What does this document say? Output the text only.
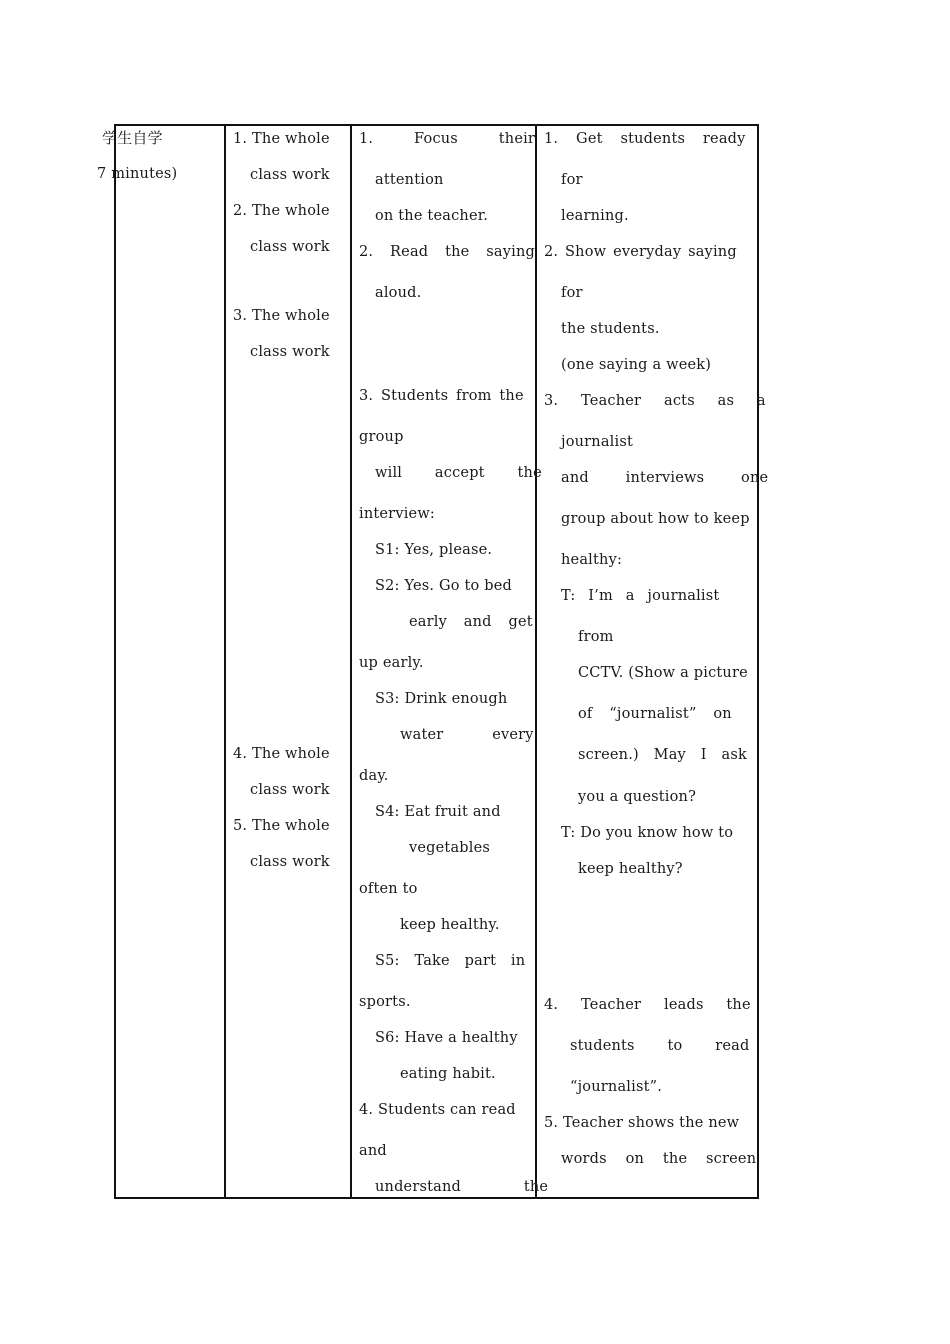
学生自学
7 minutes)
1. The whole
class work
2. The whole
class work
3. The whole
class work
4. The whole
class work
5. The whole
class work
1. Focus their
attention
on the teacher.
2. Read the saying
aloud.
3. Students from the
group
will accept the
interview:
S1: Yes, please.
S2: Yes. Go to bed
early and get
up early.
S3: Drink enough
water every
day.
S4: Eat fruit and
vegetables
often to
keep healthy.
S5: Take part in
sports.
S6: Have a healthy
eating habit.
4. Students can read
and
understand the
1. Get students ready
for
learning.
2. Show everyday saying
for
the students.
(one saying a week)
3. Teacher acts as a
journalist
and interviews one
group about how to keep
healthy:
T: I’m a journalist
from
CCTV. (Show a picture
of “journalist” on
screen.) May I ask
you a question?
T: Do you know how to
keep healthy?
4. Teacher leads the
students to read
“journalist”.
5. Teacher shows the new
words on the screen
